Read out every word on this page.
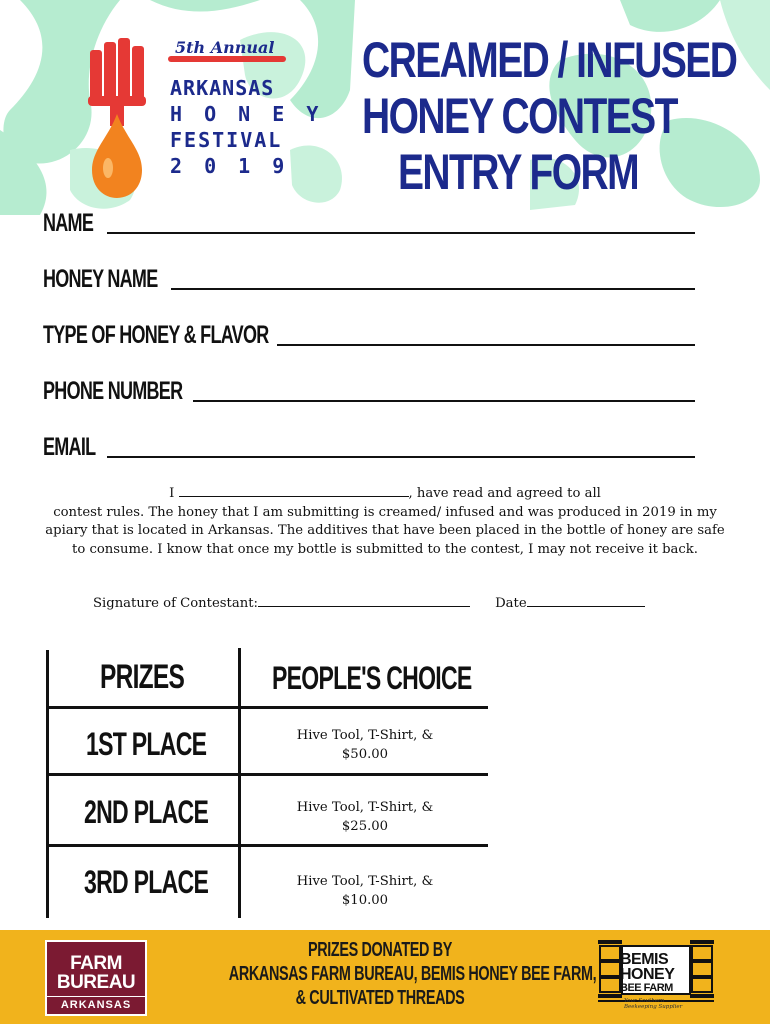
5th Annual
ARKANSAS
H O N E Y
FESTIVAL
2 0 1 9
CREAMED / INFUSED
HONEY CONTEST
ENTRY FORM
NAME
HONEY NAME
TYPE OF HONEY & FLAVOR
PHONE NUMBER
EMAIL
I	, have read and agreed to all
contest rules. The honey that I am submitting is creamed/ infused and was produced in 2019 in my apiary that is located in Arkansas. The additives that have been placed in the bottle of honey are safe to consume. I know that once my bottle is submitted to the contest, I may not receive it back.
Signature of Contestant:	Date
PRIZES	PEOPLE'S CHOICE
1ST PLACE	Hive Tool, T-Shirt, &
$50.00
2ND PLACE	Hive Tool, T-Shirt, &
$25.00
3RD PLACE	Hive Tool, T-Shirt, &
$10.00
FARM
BUREAU
ARKANSAS
PRIZES DONATED BY
ARKANSAS FARM BUREAU, BEMIS HONEY BEE FARM,
& CULTIVATED THREADS
BEMIS
HONEY
BEE FARM
Your Southern
Beekeeping Supplier
